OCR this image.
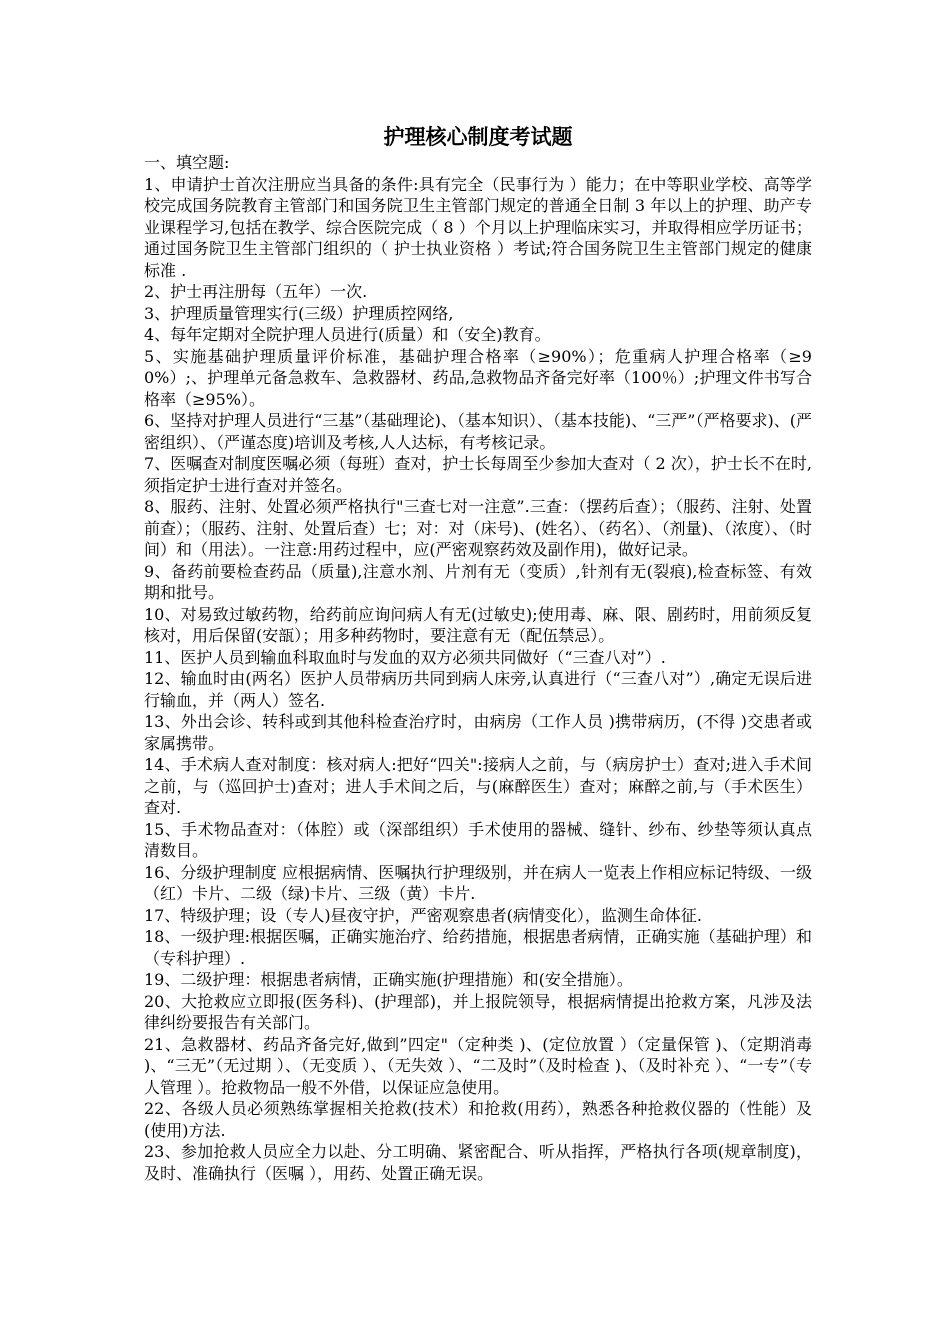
护理核心制度考试题

一、填空题:

1、申请护士首次注册应当具备的条件:具有完全（民事行为 ）能力；在中等职业学校、高等学校完成国务院教育主管部门和国务院卫生主管部门规定的普通全日制 3 年以上的护理、助产专业课程学习,包括在教学、综合医院完成（ 8 ）个月以上护理临床实习，并取得相应学历证书；通过国务院卫生主管部门组织的（ 护士执业资格 ）考试;符合国务院卫生主管部门规定的健康标准 .

2、护士再注册每（五年）一次.

3、护理质量管理实行(三级）护理质控网络,

4、每年定期对全院护理人员进行(质量）和（安全)教育。

5、实施基础护理质量评价标准，基础护理合格率（≥90%）；危重病人护理合格率（≥90%）;、护理单元备急救车、急救器材、药品,急救物品齐备完好率（100％）;护理文件书写合格率（≥95%）。

6、坚持对护理人员进行“三基”（基础理论)、（基本知识）、（基本技能)、“三严”（严格要求)、(严密组织）、（严谨态度)培训及考核,人人达标，有考核记录。

7、医嘱查对制度医嘱必须（每班）查对，护士长每周至少参加大查对（ 2 次），护士长不在时,须指定护士进行查对并签名。

8、服药、注射、处置必须严格执行"三查七对一注意”.三查：（摆药后查）；（服药、注射、处置前查）；（服药、注射、处置后查）七；对：对（床号)、(姓名）、（药名）、（剂量)、（浓度）、（时间）和（用法）。一注意:用药过程中，应(严密观察药效及副作用)，做好记录。

9、备药前要检查药品（质量),注意水剂、片剂有无（变质）,针剂有无(裂痕),检查标签、有效期和批号。

10、对易致过敏药物，给药前应询问病人有无(过敏史);使用毒、麻、限、剧药时，用前须反复核对，用后保留(安瓿）；用多种药物时，要注意有无（配伍禁忌）。

11、医护人员到输血科取血时与发血的双方必须共同做好（“三查八对”）.

12、输血时由(两名）医护人员带病历共同到病人床旁,认真进行（“三查八对”）,确定无误后进行输血，并（两人）签名.

13、外出会诊、转科或到其他科检查治疗时，由病房（工作人员 )携带病历，(不得 )交患者或家属携带。

14、手术病人查对制度：核对病人:把好“四关":接病人之前，与（病房护士）查对;进入手术间之前，与（巡回护士)查对；进人手术间之后，与(麻醉医生）查对；麻醉之前,与（手术医生）查对.

15、手术物品查对：（体腔）或（深部组织）手术使用的器械、缝针、纱布、纱垫等须认真点清数目。

16、分级护理制度 应根据病情、医嘱执行护理级别，并在病人一览表上作相应标记特级、一级（红）卡片、二级（绿)卡片、三级（黄）卡片.

17、特级护理；设（专人)昼夜守护，严密观察患者(病情变化），监测生命体征.

18、一级护理:根据医嘱，正确实施治疗、给药措施，根据患者病情，正确实施（基础护理）和（专科护理）.

19、二级护理：根据患者病情，正确实施(护理措施）和(安全措施）。

20、大抢救应立即报(医务科)、(护理部)，并上报院领导，根据病情提出抢救方案，凡涉及法律纠纷要报告有关部门。

21、急救器材、药品齐备完好,做到”四定"（定种类 )、(定位放置 ）（定量保管 )、（定期消毒 )、“三无”（无过期 ）、（无变质 ）、（无失效 ）、“二及时”（及时检查 )、（及时补充 ）、“一专”（专人管理 ）。抢救物品一般不外借，以保证应急使用。

22、各级人员必须熟练掌握相关抢救(技术）和抢救(用药），熟悉各种抢救仪器的（性能）及(使用)方法.

23、参加抢救人员应全力以赴、分工明确、紧密配合、听从指挥，严格执行各项(规章制度)，及时、准确执行（医嘱 ），用药、处置正确无误。
